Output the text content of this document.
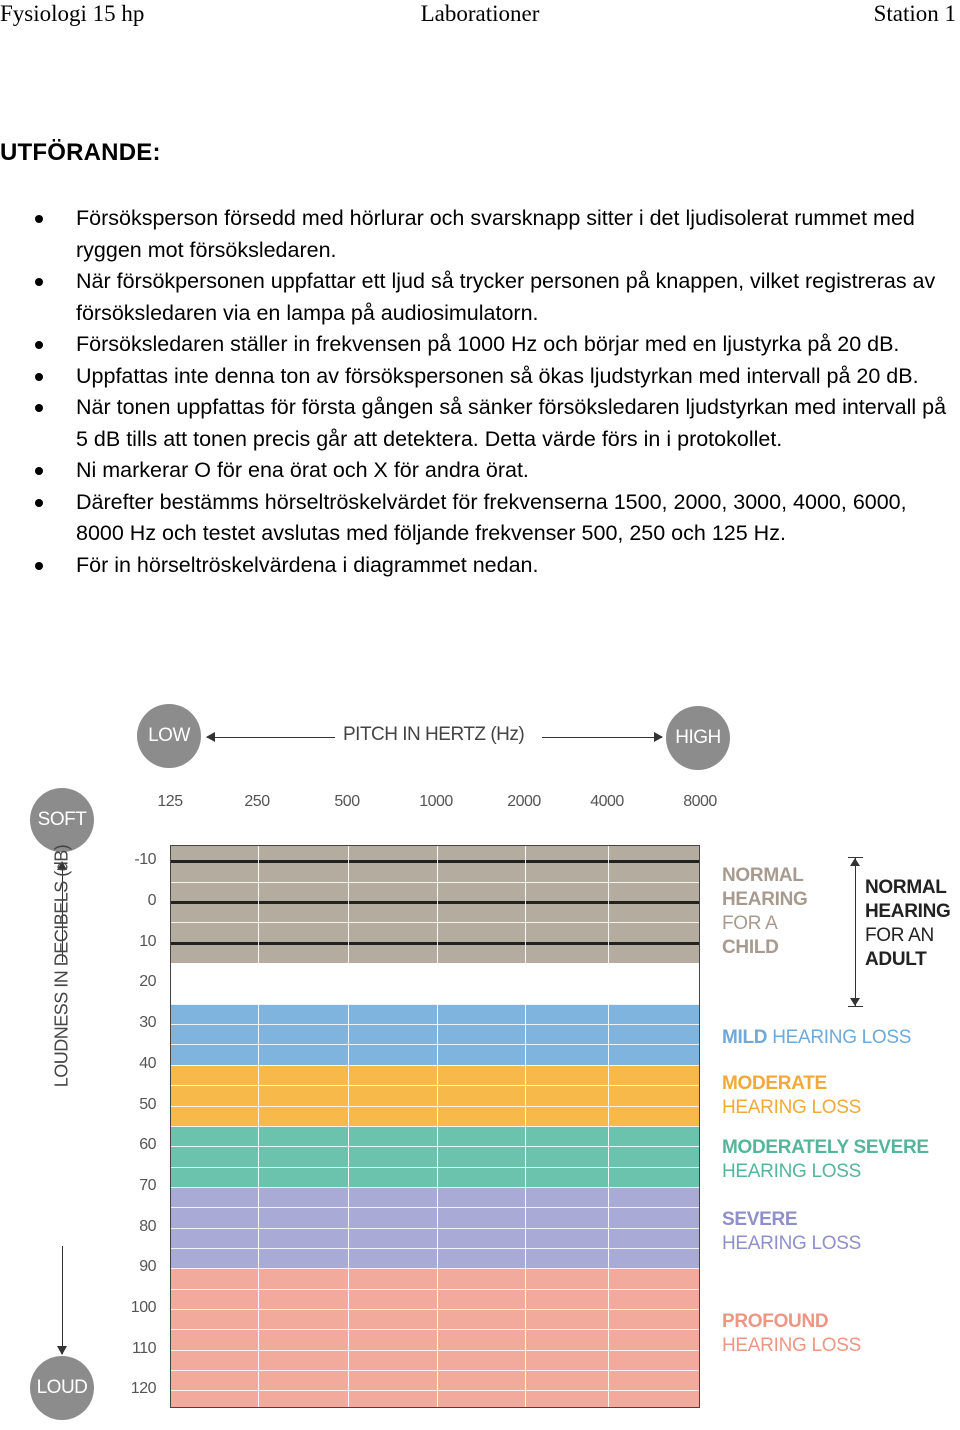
Fysiologi 15 hp	Laborationer	Station 1
UTFÖRANDE:
Försöksperson försedd med hörlurar och svarsknapp sitter i det ljudisolerat rummet med ryggen mot försöksledaren.
När försökpersonen uppfattar ett ljud så trycker personen på knappen, vilket registreras av försöksledaren via en lampa på audiosimulatorn.
Försöksledaren ställer in frekvensen på 1000 Hz och börjar med en ljustyrka på 20 dB.
Uppfattas inte denna ton av försökspersonen så ökas ljudstyrkan med intervall på 20 dB.
När tonen uppfattas för första gången så sänker försöksledaren ljudstyrkan med intervall på 5 dB tills att tonen precis går att detektera. Detta värde förs in i protokollet.
Ni markerar O för ena örat och X för andra örat.
Därefter bestämms hörseltröskelvärdet för frekvenserna 1500, 2000, 3000, 4000, 6000, 8000 Hz och testet avslutas med följande frekvenser 500, 250 och 125 Hz.
För in hörseltröskelvärdena i diagrammet nedan.
LOW	PITCH IN HERTZ (Hz)	HIGH
SOFT
LOUD
LOUDNESS IN DECIBELS (dB)
125	250	500	1000	2000	4000	8000
-10
0
10
20
30
40
50
60
70
80
90
100
110
120
NORMAL
HEARING
FOR A
CHILD
NORMAL
HEARING
FOR AN
ADULT
MILD HEARING LOSS
MODERATE
HEARING LOSS
MODERATELY SEVERE
HEARING LOSS
SEVERE
HEARING LOSS
PROFOUND
HEARING LOSS
